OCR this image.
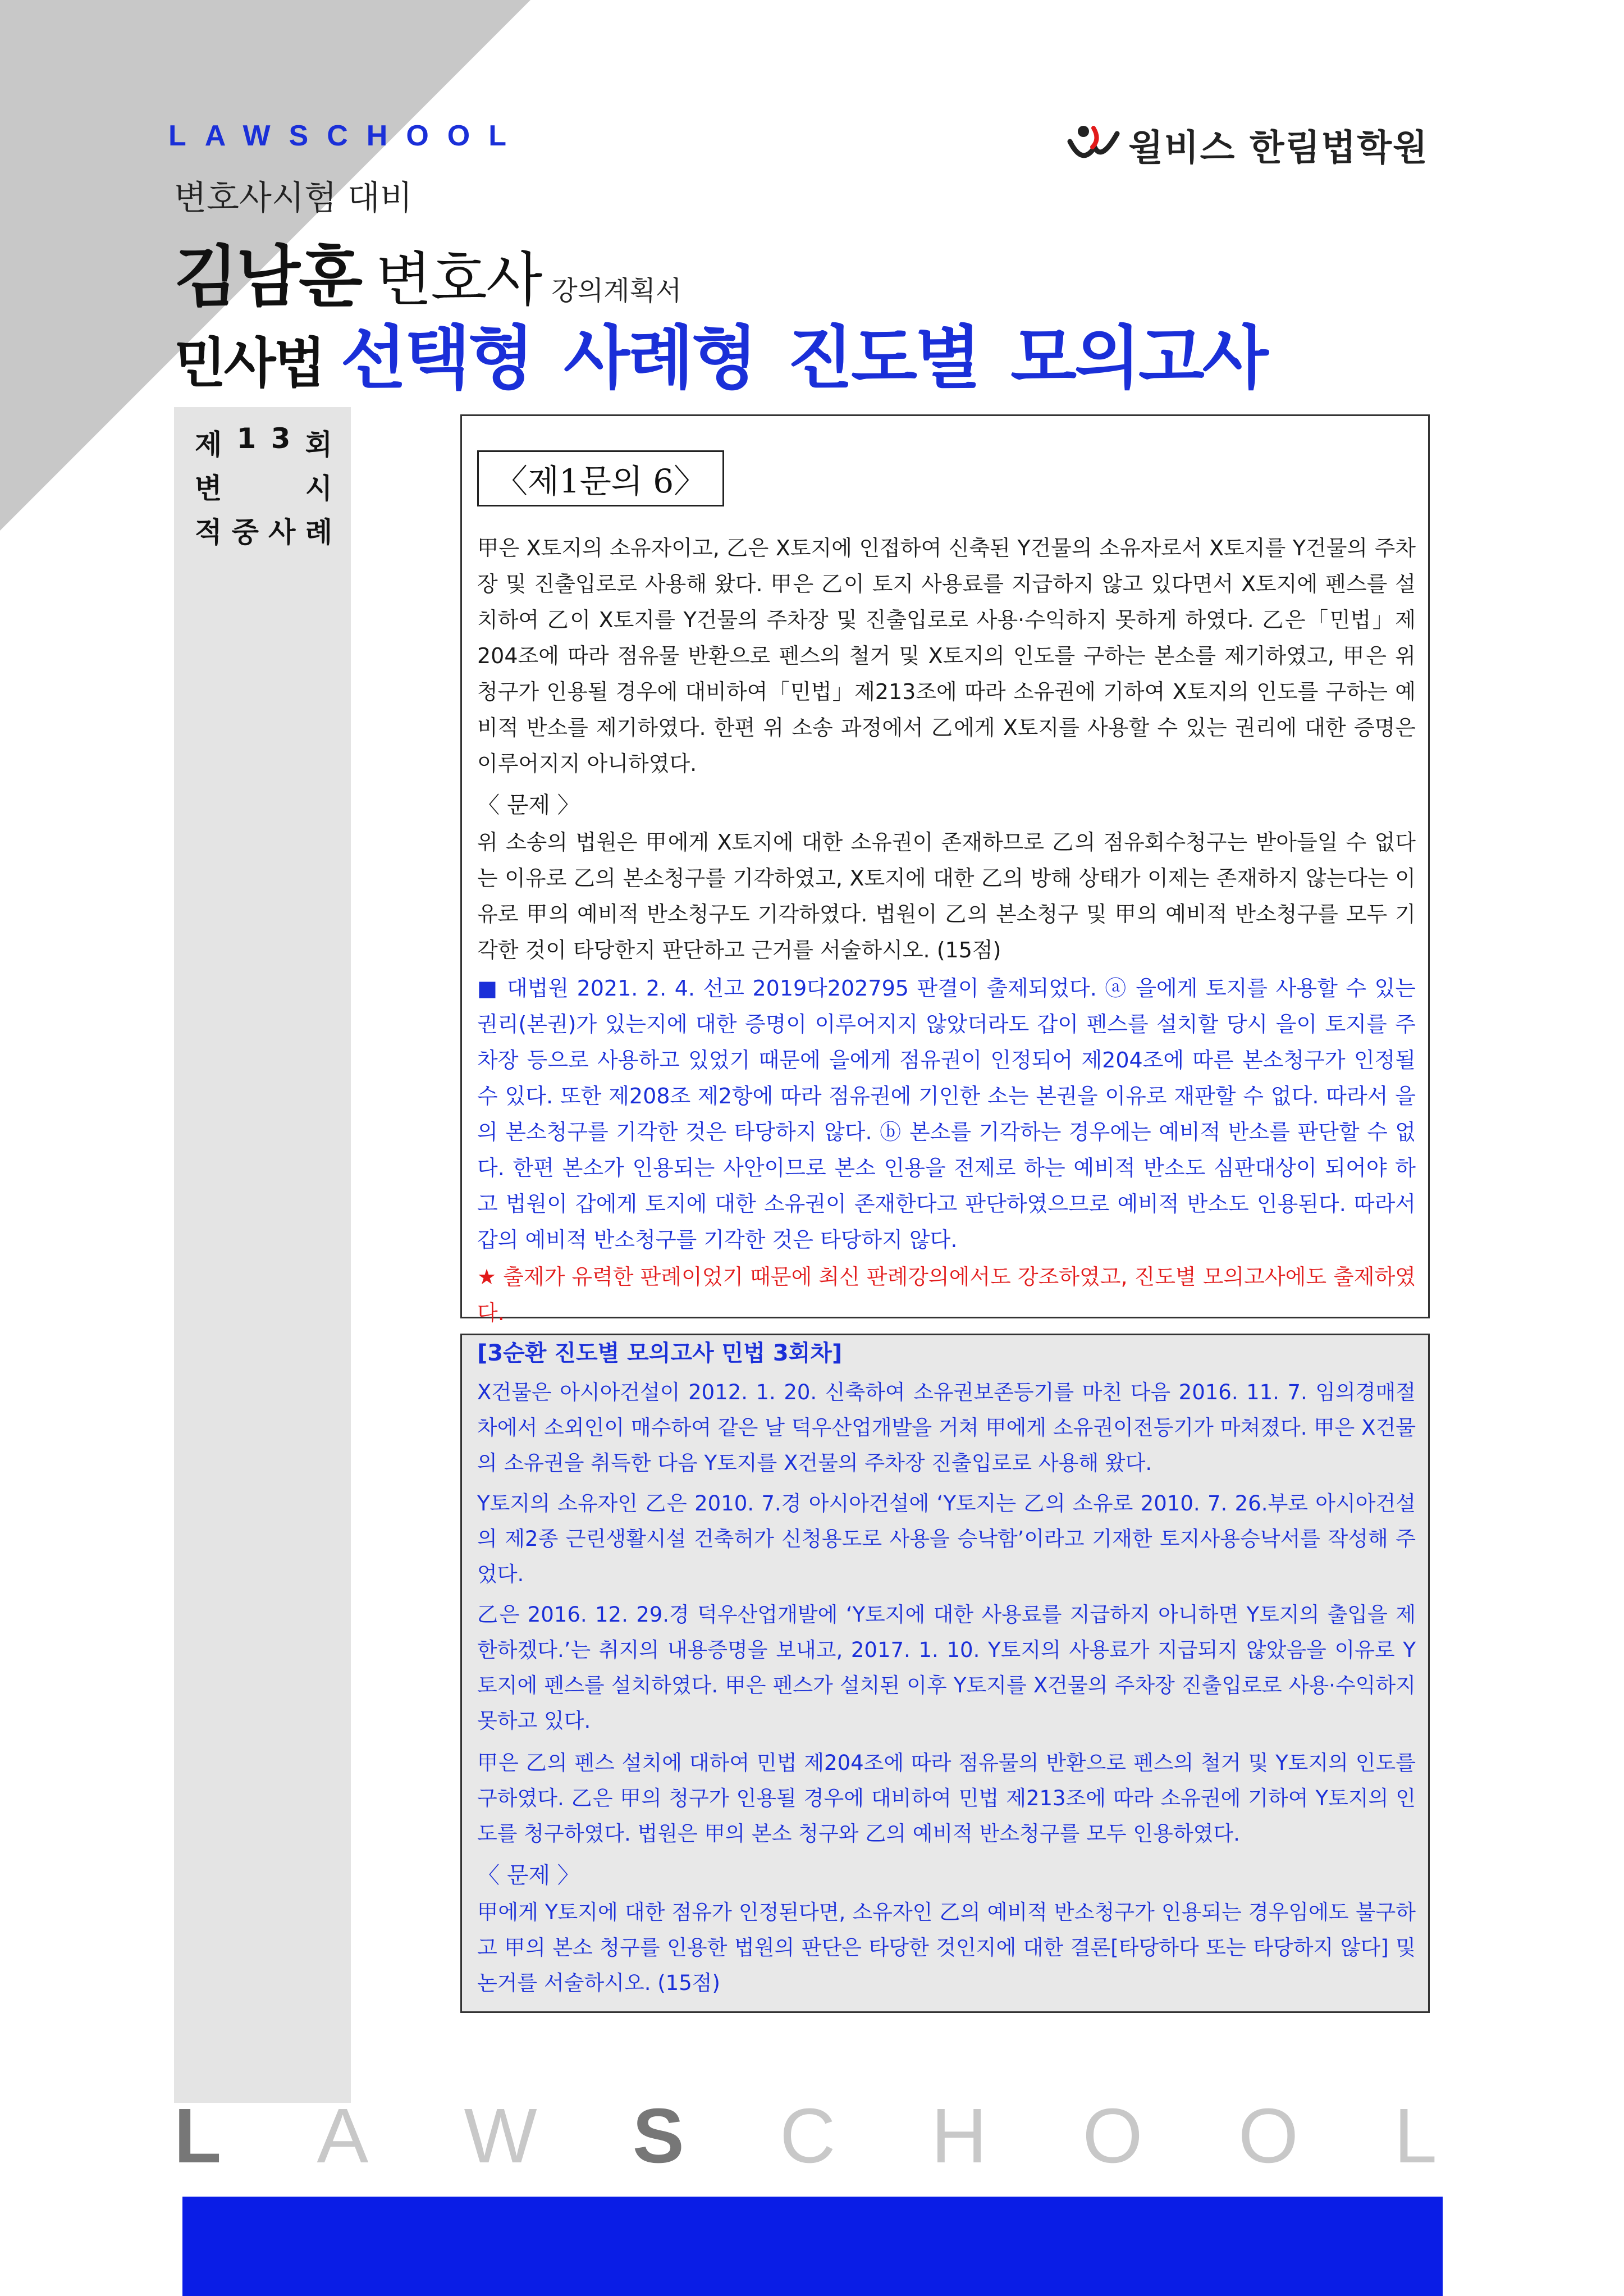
LAWSCHOOL	윌비스 한림법학원
변호사시험 대비
김남훈 변호사 강의계획서
민사법 선택형 사례형 진도별 모의고사
제 1 3 회
변	시
적 중 사 례
〈제1문의 6〉

甲은 X토지의 소유자이고, 乙은 X토지에 인접하여 신축된 Y건물의 소유자로서 X토지를 Y건물의 주차장 및 진출입로로 사용해 왔다. 甲은 乙이 토지 사용료를 지급하지 않고 있다면서 X토지에 펜스를 설치하여 乙이 X토지를 Y건물의 주차장 및 진출입로로 사용·수익하지 못하게 하였다. 乙은「민법」제204조에 따라 점유물 반환으로 펜스의 철거 및 X토지의 인도를 구하는 본소를 제기하였고, 甲은 위 청구가 인용될 경우에 대비하여「민법」제213조에 따라 소유권에 기하여 X토지의 인도를 구하는 예비적 반소를 제기하였다. 한편 위 소송 과정에서 乙에게 X토지를 사용할 수 있는 권리에 대한 증명은 이루어지지 아니하였다.

〈 문제 〉

위 소송의 법원은 甲에게 X토지에 대한 소유권이 존재하므로 乙의 점유회수청구는 받아들일 수 없다는 이유로 乙의 본소청구를 기각하였고, X토지에 대한 乙의 방해 상태가 이제는 존재하지 않는다는 이유로 甲의 예비적 반소청구도 기각하였다. 법원이 乙의 본소청구 및 甲의 예비적 반소청구를 모두 기각한 것이 타당한지 판단하고 근거를 서술하시오. (15점)

■ 대법원 2021. 2. 4. 선고 2019다202795 판결이 출제되었다. ⓐ 을에게 토지를 사용할 수 있는 권리(본권)가 있는지에 대한 증명이 이루어지지 않았더라도 갑이 펜스를 설치할 당시 을이 토지를 주차장 등으로 사용하고 있었기 때문에 을에게 점유권이 인정되어 제204조에 따른 본소청구가 인정될 수 있다. 또한 제208조 제2항에 따라 점유권에 기인한 소는 본권을 이유로 재판할 수 없다. 따라서 을의 본소청구를 기각한 것은 타당하지 않다. ⓑ 본소를 기각하는 경우에는 예비적 반소를 판단할 수 없다. 한편 본소가 인용되는 사안이므로 본소 인용을 전제로 하는 예비적 반소도 심판대상이 되어야 하고 법원이 갑에게 토지에 대한 소유권이 존재한다고 판단하였으므로 예비적 반소도 인용된다. 따라서 갑의 예비적 반소청구를 기각한 것은 타당하지 않다.

★ 출제가 유력한 판례이었기 때문에 최신 판례강의에서도 강조하였고, 진도별 모의고사에도 출제하였다.

[3순환 진도별 모의고사 민법 3회차]

X건물은 아시아건설이 2012. 1. 20. 신축하여 소유권보존등기를 마친 다음 2016. 11. 7. 임의경매절차에서 소외인이 매수하여 같은 날 덕우산업개발을 거쳐 甲에게 소유권이전등기가 마쳐졌다. 甲은 X건물의 소유권을 취득한 다음 Y토지를 X건물의 주차장 진출입로로 사용해 왔다.

Y토지의 소유자인 乙은 2010. 7.경 아시아건설에 ‘Y토지는 乙의 소유로 2010. 7. 26.부로 아시아건설의 제2종 근린생활시설 건축허가 신청용도로 사용을 승낙함’이라고 기재한 토지사용승낙서를 작성해 주었다.

乙은 2016. 12. 29.경 덕우산업개발에 ‘Y토지에 대한 사용료를 지급하지 아니하면 Y토지의 출입을 제한하겠다.’는 취지의 내용증명을 보내고, 2017. 1. 10. Y토지의 사용료가 지급되지 않았음을 이유로 Y토지에 펜스를 설치하였다. 甲은 펜스가 설치된 이후 Y토지를 X건물의 주차장 진출입로로 사용·수익하지 못하고 있다.

甲은 乙의 펜스 설치에 대하여 민법 제204조에 따라 점유물의 반환으로 펜스의 철거 및 Y토지의 인도를 구하였다. 乙은 甲의 청구가 인용될 경우에 대비하여 민법 제213조에 따라 소유권에 기하여 Y토지의 인도를 청구하였다. 법원은 甲의 본소 청구와 乙의 예비적 반소청구를 모두 인용하였다.

〈 문제 〉

甲에게 Y토지에 대한 점유가 인정된다면, 소유자인 乙의 예비적 반소청구가 인용되는 경우임에도 불구하고 甲의 본소 청구를 인용한 법원의 판단은 타당한 것인지에 대한 결론[타당하다 또는 타당하지 않다] 및 논거를 서술하시오. (15점)

L A W S C H O O L
